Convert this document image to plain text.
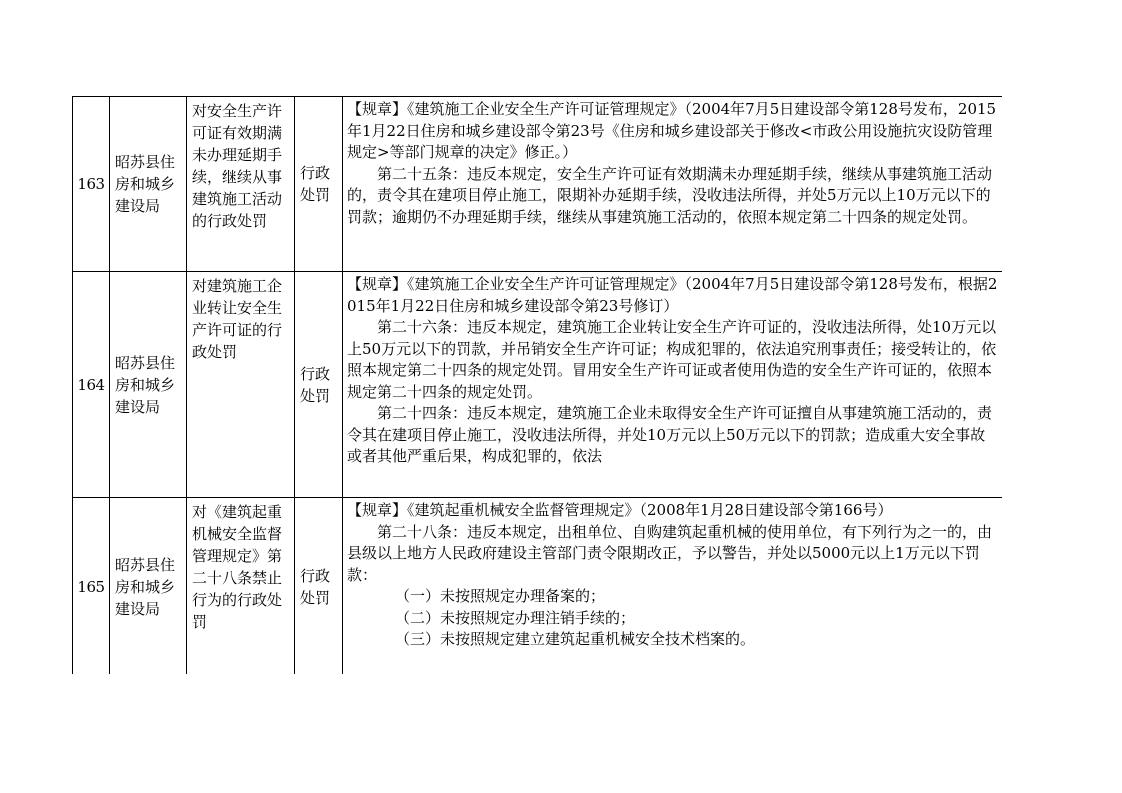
163	昭苏县住房和城乡建设局	对安全生产许可证有效期满未办理延期手续，继续从事建筑施工活动的行政处罚	行政处罚	【规章】《建筑施工企业安全生产许可证管理规定》（2004年7月5日建设部令第128号发布，2015年1月22日住房和城乡建设部令第23号《住房和城乡建设部关于修改<市政公用设施抗灾设防管理规定>等部门规章的决定》修正。）

第二十五条：违反本规定，安全生产许可证有效期满未办理延期手续，继续从事建筑施工活动的，责令其在建项目停止施工，限期补办延期手续，没收违法所得，并处5万元以上10万元以下的罚款；逾期仍不办理延期手续，继续从事建筑施工活动的，依照本规定第二十四条的规定处罚。

164	昭苏县住房和城乡建设局	对建筑施工企业转让安全生产许可证的行政处罚	行政处罚	【规章】《建筑施工企业安全生产许可证管理规定》（2004年7月5日建设部令第128号发布，根据2015年1月22日住房和城乡建设部令第23号修订）

第二十六条：违反本规定，建筑施工企业转让安全生产许可证的，没收违法所得，处10万元以上50万元以下的罚款，并吊销安全生产许可证；构成犯罪的，依法追究刑事责任；接受转让的，依照本规定第二十四条的规定处罚。冒用安全生产许可证或者使用伪造的安全生产许可证的，依照本规定第二十四条的规定处罚。

第二十四条：违反本规定，建筑施工企业未取得安全生产许可证擅自从事建筑施工活动的，责令其在建项目停止施工，没收违法所得，并处10万元以上50万元以下的罚款；造成重大安全事故或者其他严重后果，构成犯罪的，依法

165	昭苏县住房和城乡建设局	对《建筑起重机械安全监督管理规定》第二十八条禁止行为的行政处罚	行政处罚	【规章】《建筑起重机械安全监督管理规定》（2008年1月28日建设部令第166号）

第二十八条：违反本规定，出租单位、自购建筑起重机械的使用单位，有下列行为之一的，由县级以上地方人民政府建设主管部门责令限期改正，予以警告，并处以5000元以上1万元以下罚款：

（一）未按照规定办理备案的；

（二）未按照规定办理注销手续的；

（三）未按照规定建立建筑起重机械安全技术档案的。
